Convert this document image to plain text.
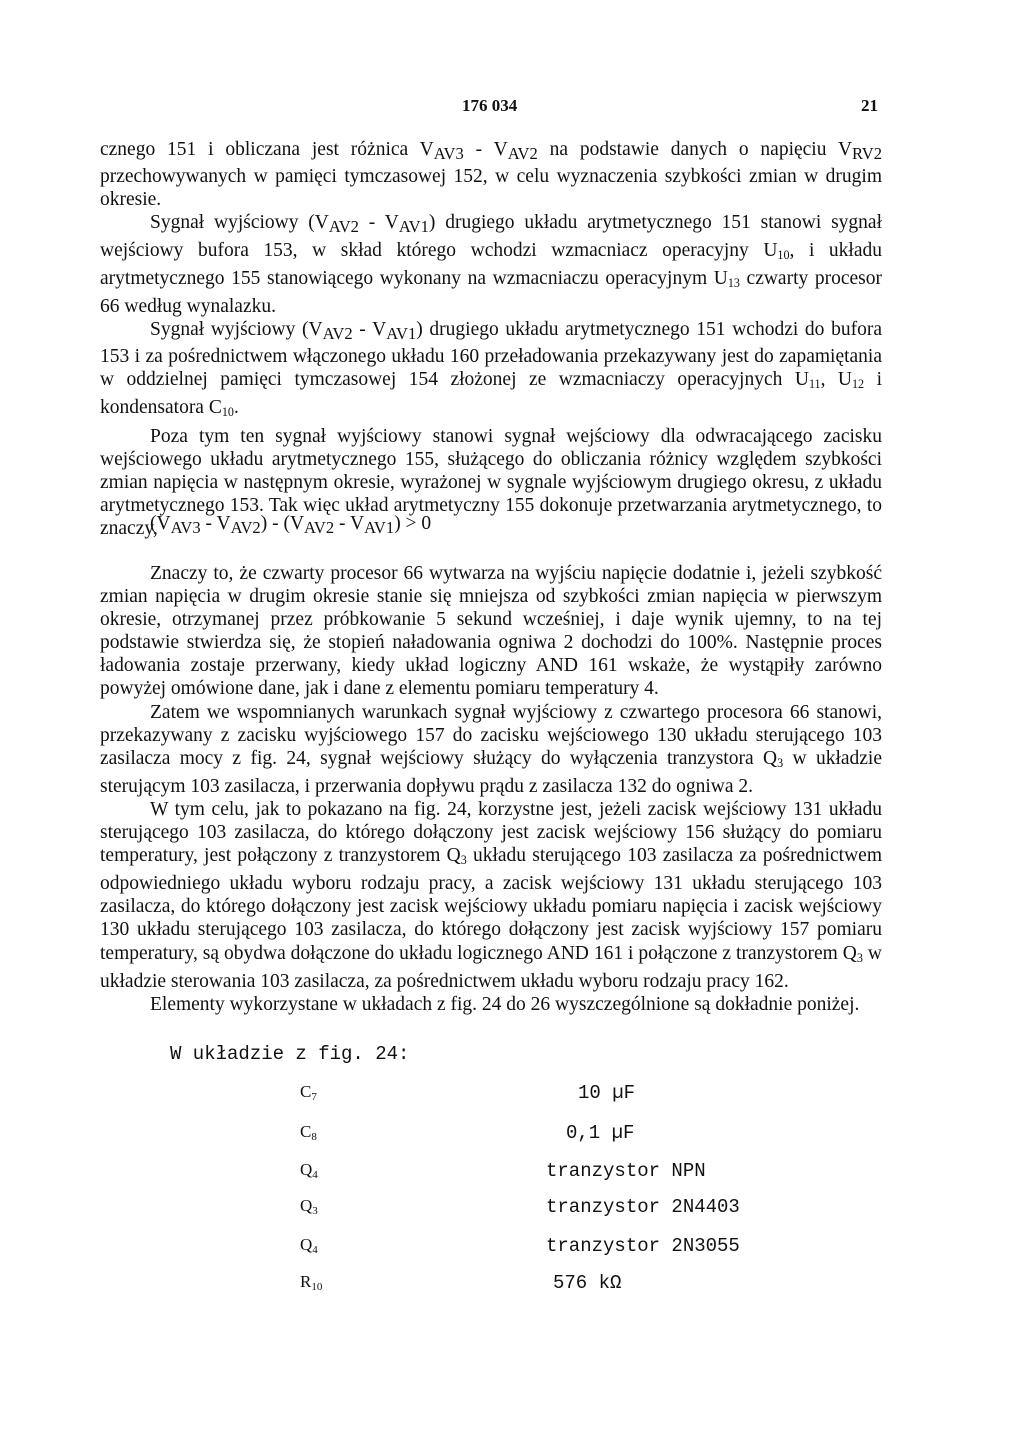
176 034	21

cznego 151 i obliczana jest różnica $V_{AV3} - V_{AV2}$ na podstawie danych o napięciu $V_{RV2}$ przechowywanych w pamięci tymczasowej 152, w celu wyznaczenia szybkości zmian w drugim okresie.

Sygnał wyjściowy $(V_{AV2} - V_{AV1})$ drugiego układu arytmetycznego 151 stanowi sygnał wejściowy bufora 153, w skład którego wchodzi wzmacniacz operacyjny $U_{10}$, i układu arytmetycznego 155 stanowiącego wykonany na wzmacniaczu operacyjnym $U_{13}$ czwarty procesor 66 według wynalazku.

Sygnał wyjściowy $(V_{AV2} - V_{AV1})$ drugiego układu arytmetycznego 151 wchodzi do bufora 153 i za pośrednictwem włączonego układu 160 przeładowania przekazywany jest do zapamiętania w oddzielnej pamięci tymczasowej 154 złożonej ze wzmacniaczy operacyjnych $U_{11}$, $U_{12}$ i kondensatora $C_{10}$.

Poza tym ten sygnał wyjściowy stanowi sygnał wejściowy dla odwracającego zacisku wejściowego układu arytmetycznego 155, służącego do obliczania różnicy względem szybkości zmian napięcia w następnym okresie, wyrażonej w sygnale wyjściowym drugiego okresu, z układu arytmetycznego 153. Tak więc układ arytmetyczny 155 dokonuje przetwarzania arytmetycznego, to znaczy,

$(V_{AV3} - V_{AV2}) - (V_{AV2} - V_{AV1}) > 0$

Znaczy to, że czwarty procesor 66 wytwarza na wyjściu napięcie dodatnie i, jeżeli szybkość zmian napięcia w drugim okresie stanie się mniejsza od szybkości zmian napięcia w pierwszym okresie, otrzymanej przez próbkowanie 5 sekund wcześniej, i daje wynik ujemny, to na tej podstawie stwierdza się, że stopień naładowania ogniwa 2 dochodzi do 100%. Następnie proces ładowania zostaje przerwany, kiedy układ logiczny AND 161 wskaże, że wystąpiły zarówno powyżej omówione dane, jak i dane z elementu pomiaru temperatury 4.

Zatem we wspomnianych warunkach sygnał wyjściowy z czwartego procesora 66 stanowi, przekazywany z zacisku wyjściowego 157 do zacisku wejściowego 130 układu sterującego 103 zasilacza mocy z fig. 24, sygnał wejściowy służący do wyłączenia tranzystora $Q_3$ w układzie sterującym 103 zasilacza, i przerwania dopływu prądu z zasilacza 132 do ogniwa 2.

W tym celu, jak to pokazano na fig. 24, korzystne jest, jeżeli zacisk wejściowy 131 układu sterującego 103 zasilacza, do którego dołączony jest zacisk wejściowy 156 służący do pomiaru temperatury, jest połączony z tranzystorem $Q_3$ układu sterującego 103 zasilacza za pośrednictwem odpowiedniego układu wyboru rodzaju pracy, a zacisk wejściowy 131 układu sterującego 103 zasilacza, do którego dołączony jest zacisk wejściowy układu pomiaru napięcia i zacisk wejściowy 130 układu sterującego 103 zasilacza, do którego dołączony jest zacisk wyjściowy 157 pomiaru temperatury, są obydwa dołączone do układu logicznego AND 161 i połączone z tranzystorem $Q_3$ w układzie sterowania 103 zasilacza, za pośrednictwem układu wyboru rodzaju pracy 162.

Elementy wykorzystane w układach z fig. 24 do 26 wyszczególnione są dokładnie poniżej.

W układzie z fig. 24:
$C_7$	10 µF
$C_8$	0,1 µF
$Q_4$	tranzystor NPN
$Q_3$	tranzystor 2N4403
$Q_4$	tranzystor 2N3055
$R_{10}$	576 kΩ
